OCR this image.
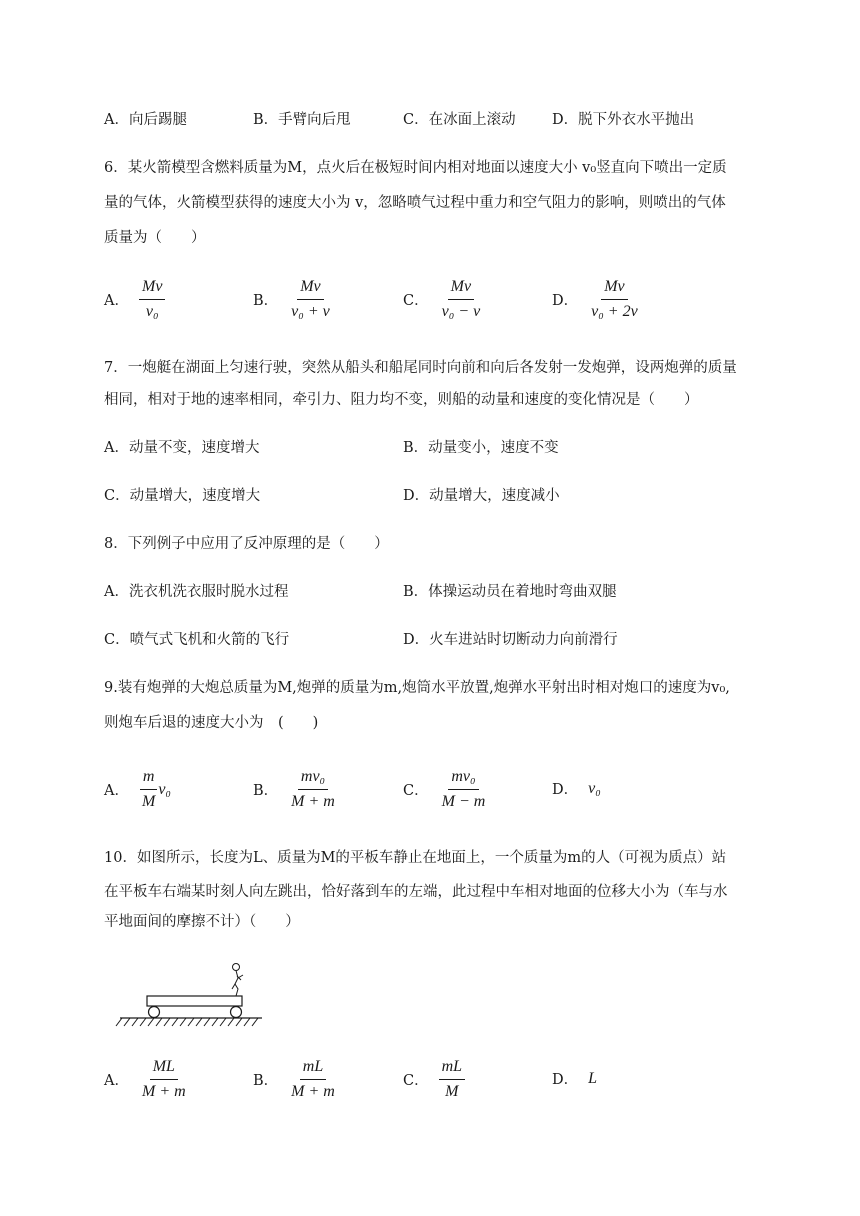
A．向后踢腿	B．手臂向后甩	C．在冰面上滚动	D．脱下外衣水平抛出
6．某火箭模型含燃料质量为M，点火后在极短时间内相对地面以速度大小 v₀竖直向下喷出一定质
量的气体，火箭模型获得的速度大小为 v，忽略喷气过程中重力和空气阻力的影响，则喷出的气体
质量为（　　）
A． $\frac{Mv}{\text{v₀}}$	B． $\frac{Mv}{\text{v₀ + v}}$	C． $\frac{Mv}{\text{v₀ − v}}$	D． $\frac{Mv}{\text{v₀ + 2v}}$
7．一炮艇在湖面上匀速行驶，突然从船头和船尾同时向前和向后各发射一发炮弹，设两炮弹的质量
相同，相对于地的速率相同，牵引力、阻力均不变，则船的动量和速度的变化情况是（　　）
A．动量不变，速度增大	B．动量变小，速度不变
C．动量增大，速度增大	D．动量增大，速度减小
8．下列例子中应用了反冲原理的是（　　）
A．洗衣机洗衣服时脱水过程	B．体操运动员在着地时弯曲双腿
C．喷气式飞机和火箭的飞行	D．火车进站时切断动力向前滑行
9.装有炮弹的大炮总质量为M,炮弹的质量为m,炮筒水平放置,炮弹水平射出时相对炮口的速度为v₀,
则炮车后退的速度大小为　(　　)
A． $\frac{m}{M} v_0$	B． $\frac{\text{mv₀}}{M + m}$	C． $\frac{\text{mv₀}}{M - m}$	D． v₀
10．如图所示，长度为L、质量为M的平板车静止在地面上，一个质量为m的人（可视为质点）站
在平板车右端某时刻人向左跳出，恰好落到车的左端，此过程中车相对地面的位移大小为（车与水
平地面间的摩擦不计）（　　）
A． $\frac{ML}{M + m}$	B． $\frac{mL}{M + m}$	C． $\frac{mL}{M}$	D． L
